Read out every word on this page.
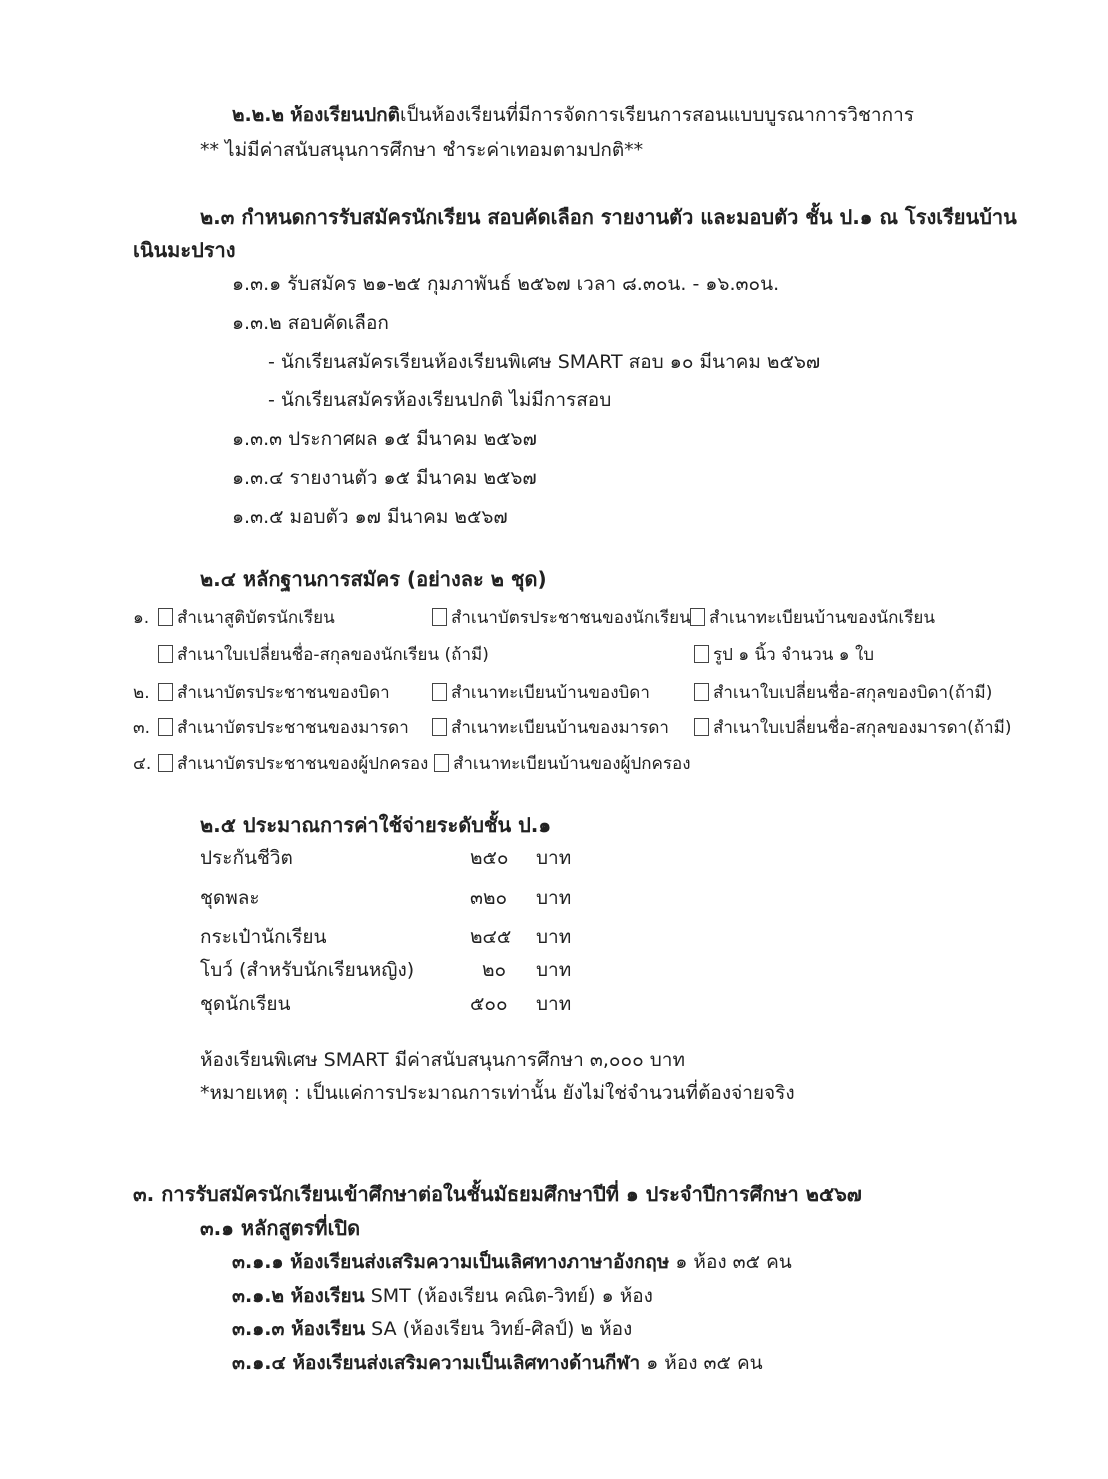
๒.๒.๒ ห้องเรียนปกติเป็นห้องเรียนที่มีการจัดการเรียนการสอนแบบบูรณาการวิชาการ
** ไม่มีค่าสนับสนุนการศึกษา ชำระค่าเทอมตามปกติ**
๒.๓ กำหนดการรับสมัครนักเรียน สอบคัดเลือก รายงานตัว และมอบตัว ชั้น ป.๑ ณ โรงเรียนบ้าน
เนินมะปราง
๑.๓.๑ รับสมัคร ๒๑-๒๕ กุมภาพันธ์ ๒๕๖๗ เวลา ๘.๓๐น. - ๑๖.๓๐น.
๑.๓.๒ สอบคัดเลือก
- นักเรียนสมัครเรียนห้องเรียนพิเศษ SMART สอบ ๑๐ มีนาคม ๒๕๖๗
- นักเรียนสมัครห้องเรียนปกติ ไม่มีการสอบ
๑.๓.๓ ประกาศผล ๑๕ มีนาคม ๒๕๖๗
๑.๓.๔ รายงานตัว ๑๕ มีนาคม ๒๕๖๗
๑.๓.๕ มอบตัว ๑๗ มีนาคม ๒๕๖๗
๒.๔ หลักฐานการสมัคร (อย่างละ ๒ ชุด)
๑.	สำเนาสูติบัตรนักเรียน	สำเนาบัตรประชาชนของนักเรียน	สำเนาทะเบียนบ้านของนักเรียน
สำเนาใบเปลี่ยนชื่อ-สกุลของนักเรียน (ถ้ามี)	รูป ๑ นิ้ว จำนวน ๑ ใบ
๒.	สำเนาบัตรประชาชนของบิดา	สำเนาทะเบียนบ้านของบิดา	สำเนาใบเปลี่ยนชื่อ-สกุลของบิดา(ถ้ามี)
๓.	สำเนาบัตรประชาชนของมารดา	สำเนาทะเบียนบ้านของมารดา	สำเนาใบเปลี่ยนชื่อ-สกุลของมารดา(ถ้ามี)
๔.	สำเนาบัตรประชาชนของผู้ปกครอง	สำเนาทะเบียนบ้านของผู้ปกครอง
๒.๕ ประมาณการค่าใช้จ่ายระดับชั้น ป.๑
ประกันชีวิต	๒๕๐ บาท
ชุดพละ	๓๒๐ บาท
กระเป๋านักเรียน	๒๔๕ บาท
โบว์ (สำหรับนักเรียนหญิง)	๒๐ บาท
ชุดนักเรียน	๕๐๐ บาท
ห้องเรียนพิเศษ SMART มีค่าสนับสนุนการศึกษา ๓,๐๐๐ บาท
*หมายเหตุ : เป็นแค่การประมาณการเท่านั้น ยังไม่ใช่จำนวนที่ต้องจ่ายจริง
๓. การรับสมัครนักเรียนเข้าศึกษาต่อในชั้นมัธยมศึกษาปีที่ ๑ ประจำปีการศึกษา ๒๕๖๗
๓.๑ หลักสูตรที่เปิด
๓.๑.๑ ห้องเรียนส่งเสริมความเป็นเลิศทางภาษาอังกฤษ ๑ ห้อง ๓๕ คน
๓.๑.๒ ห้องเรียน SMT (ห้องเรียน คณิต-วิทย์) ๑ ห้อง
๓.๑.๓ ห้องเรียน SA (ห้องเรียน วิทย์-ศิลป์) ๒ ห้อง
๓.๑.๔ ห้องเรียนส่งเสริมความเป็นเลิศทางด้านกีฬา ๑ ห้อง ๓๕ คน
